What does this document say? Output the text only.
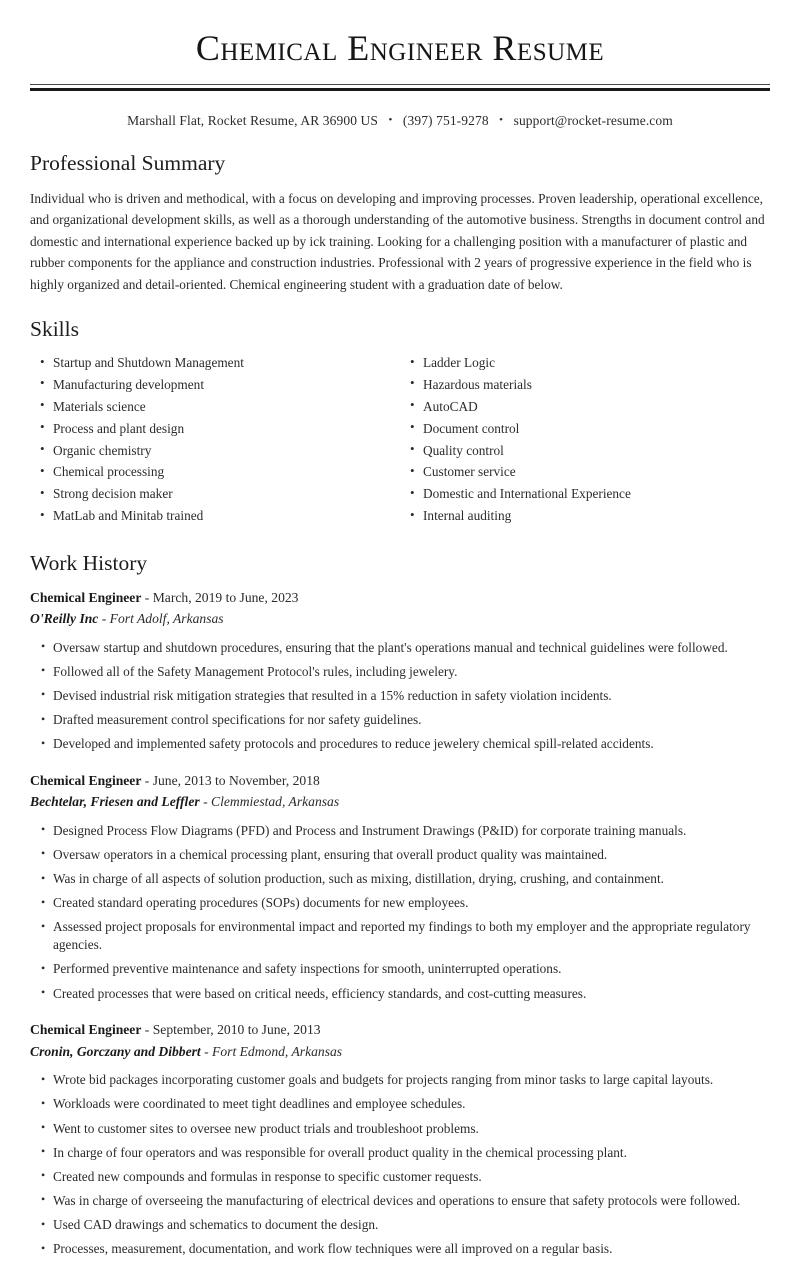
Chemical Engineer Resume
Marshall Flat, Rocket Resume, AR 36900 US • (397) 751-9278 • support@rocket-resume.com
Professional Summary

Individual who is driven and methodical, with a focus on developing and improving processes. Proven leadership, operational excellence, and organizational development skills, as well as a thorough understanding of the automotive business. Strengths in document control and domestic and international experience backed up by ick training. Looking for a challenging position with a manufacturer of plastic and rubber components for the appliance and construction industries. Professional with 2 years of progressive experience in the field who is highly organized and detail-oriented. Chemical engineering student with a graduation date of below.

Skills
• Startup and Shutdown Management
• Manufacturing development
• Materials science
• Process and plant design
• Organic chemistry
• Chemical processing
• Strong decision maker
• MatLab and Minitab trained
• Ladder Logic
• Hazardous materials
• AutoCAD
• Document control
• Quality control
• Customer service
• Domestic and International Experience
• Internal auditing
Work History
Chemical Engineer - March, 2019 to June, 2023
O'Reilly Inc - Fort Adolf, Arkansas
• Oversaw startup and shutdown procedures, ensuring that the plant's operations manual and technical guidelines were followed.
• Followed all of the Safety Management Protocol's rules, including jewelery.
• Devised industrial risk mitigation strategies that resulted in a 15% reduction in safety violation incidents.
• Drafted measurement control specifications for nor safety guidelines.
• Developed and implemented safety protocols and procedures to reduce jewelery chemical spill-related accidents.
Chemical Engineer - June, 2013 to November, 2018
Bechtelar, Friesen and Leffler - Clemmiestad, Arkansas
• Designed Process Flow Diagrams (PFD) and Process and Instrument Drawings (P&ID) for corporate training manuals.
• Oversaw operators in a chemical processing plant, ensuring that overall product quality was maintained.
• Was in charge of all aspects of solution production, such as mixing, distillation, drying, crushing, and containment.
• Created standard operating procedures (SOPs) documents for new employees.
• Assessed project proposals for environmental impact and reported my findings to both my employer and the appropriate regulatory agencies.
• Performed preventive maintenance and safety inspections for smooth, uninterrupted operations.
• Created processes that were based on critical needs, efficiency standards, and cost-cutting measures.
Chemical Engineer - September, 2010 to June, 2013
Cronin, Gorczany and Dibbert - Fort Edmond, Arkansas
• Wrote bid packages incorporating customer goals and budgets for projects ranging from minor tasks to large capital layouts.
• Workloads were coordinated to meet tight deadlines and employee schedules.
• Went to customer sites to oversee new product trials and troubleshoot problems.
• In charge of four operators and was responsible for overall product quality in the chemical processing plant.
• Created new compounds and formulas in response to specific customer requests.
• Was in charge of overseeing the manufacturing of electrical devices and operations to ensure that safety protocols were followed.
• Used CAD drawings and schematics to document the design.
• Processes, measurement, documentation, and work flow techniques were all improved on a regular basis.
